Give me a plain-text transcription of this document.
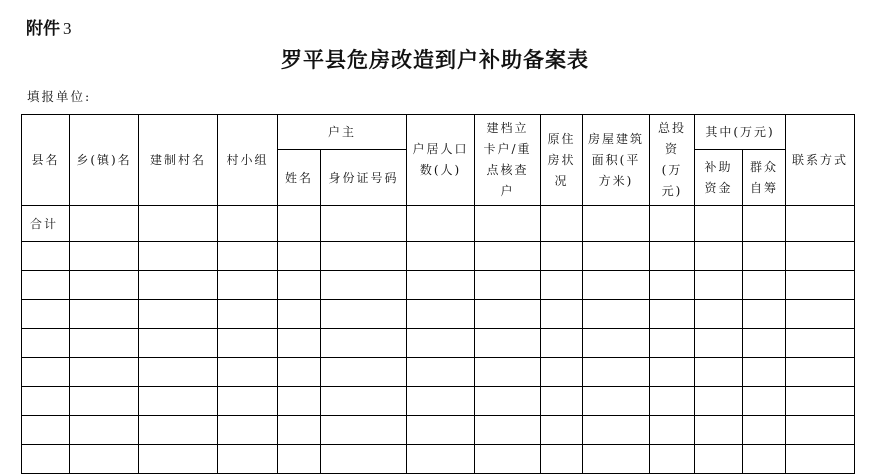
附件 3
罗平县危房改造到户补助备案表
填报单位:
县名	乡(镇)名	建制村名	村小组	户主		户居人口数(人)	建档立卡户/重点核查户	原住房状况	房屋建筑面积(平方米)	总投资(万元)	其中(万元)		联系方式
				姓名	身份证号码						补助资金	群众自筹	
合计													
